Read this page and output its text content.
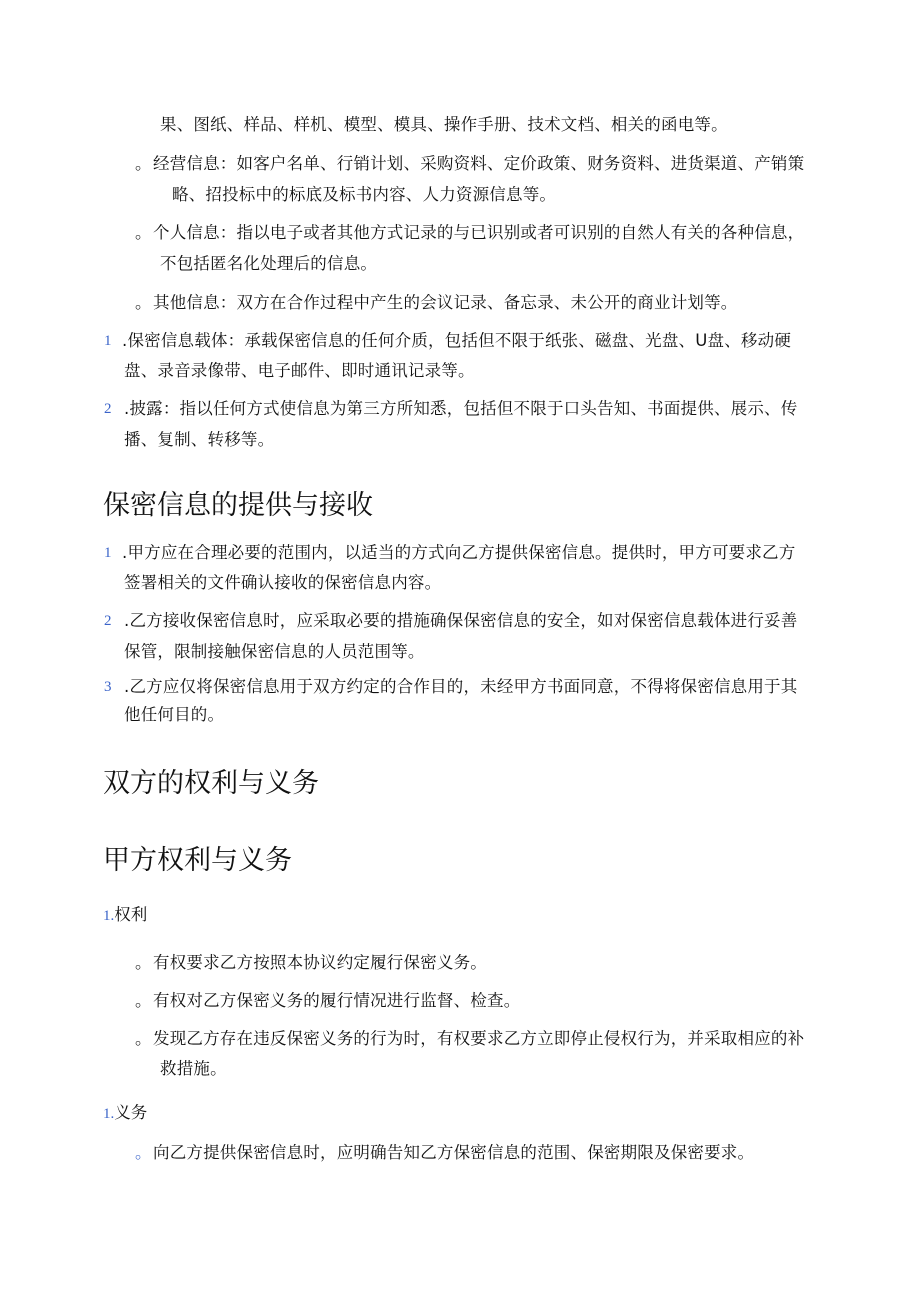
果、图纸、样品、样机、模型、模具、操作手册、技术文档、相关的函电等。
。 经营信息：如客户名单、行销计划、采购资料、定价政策、财务资料、进货渠道、产销策
略、招投标中的标底及标书内容、人力资源信息等。
。 个人信息：指以电子或者其他方式记录的与已识别或者可识别的自然人有关的各种信息，
不包括匿名化处理后的信息。
。 其他信息：双方在合作过程中产生的会议记录、备忘录、未公开的商业计划等。
1 .保密信息载体：承载保密信息的任何介质，包括但不限于纸张、磁盘、光盘、U盘、移动硬
盘、录音录像带、电子邮件、即时通讯记录等。
2 .披露：指以任何方式使信息为第三方所知悉，包括但不限于口头告知、书面提供、展示、传
播、复制、转移等。
保密信息的提供与接收
1 .甲方应在合理必要的范围内，以适当的方式向乙方提供保密信息。提供时，甲方可要求乙方
签署相关的文件确认接收的保密信息内容。
2 .乙方接收保密信息时，应采取必要的措施确保保密信息的安全，如对保密信息载体进行妥善
保管，限制接触保密信息的人员范围等。
3 .乙方应仅将保密信息用于双方约定的合作目的，未经甲方书面同意，不得将保密信息用于其
他任何目的。
双方的权利与义务
甲方权利与义务
1.权利
。 有权要求乙方按照本协议约定履行保密义务。
。 有权对乙方保密义务的履行情况进行监督、检查。
。 发现乙方存在违反保密义务的行为时，有权要求乙方立即停止侵权行为，并采取相应的补
救措施。
1.义务
。 向乙方提供保密信息时，应明确告知乙方保密信息的范围、保密期限及保密要求。
